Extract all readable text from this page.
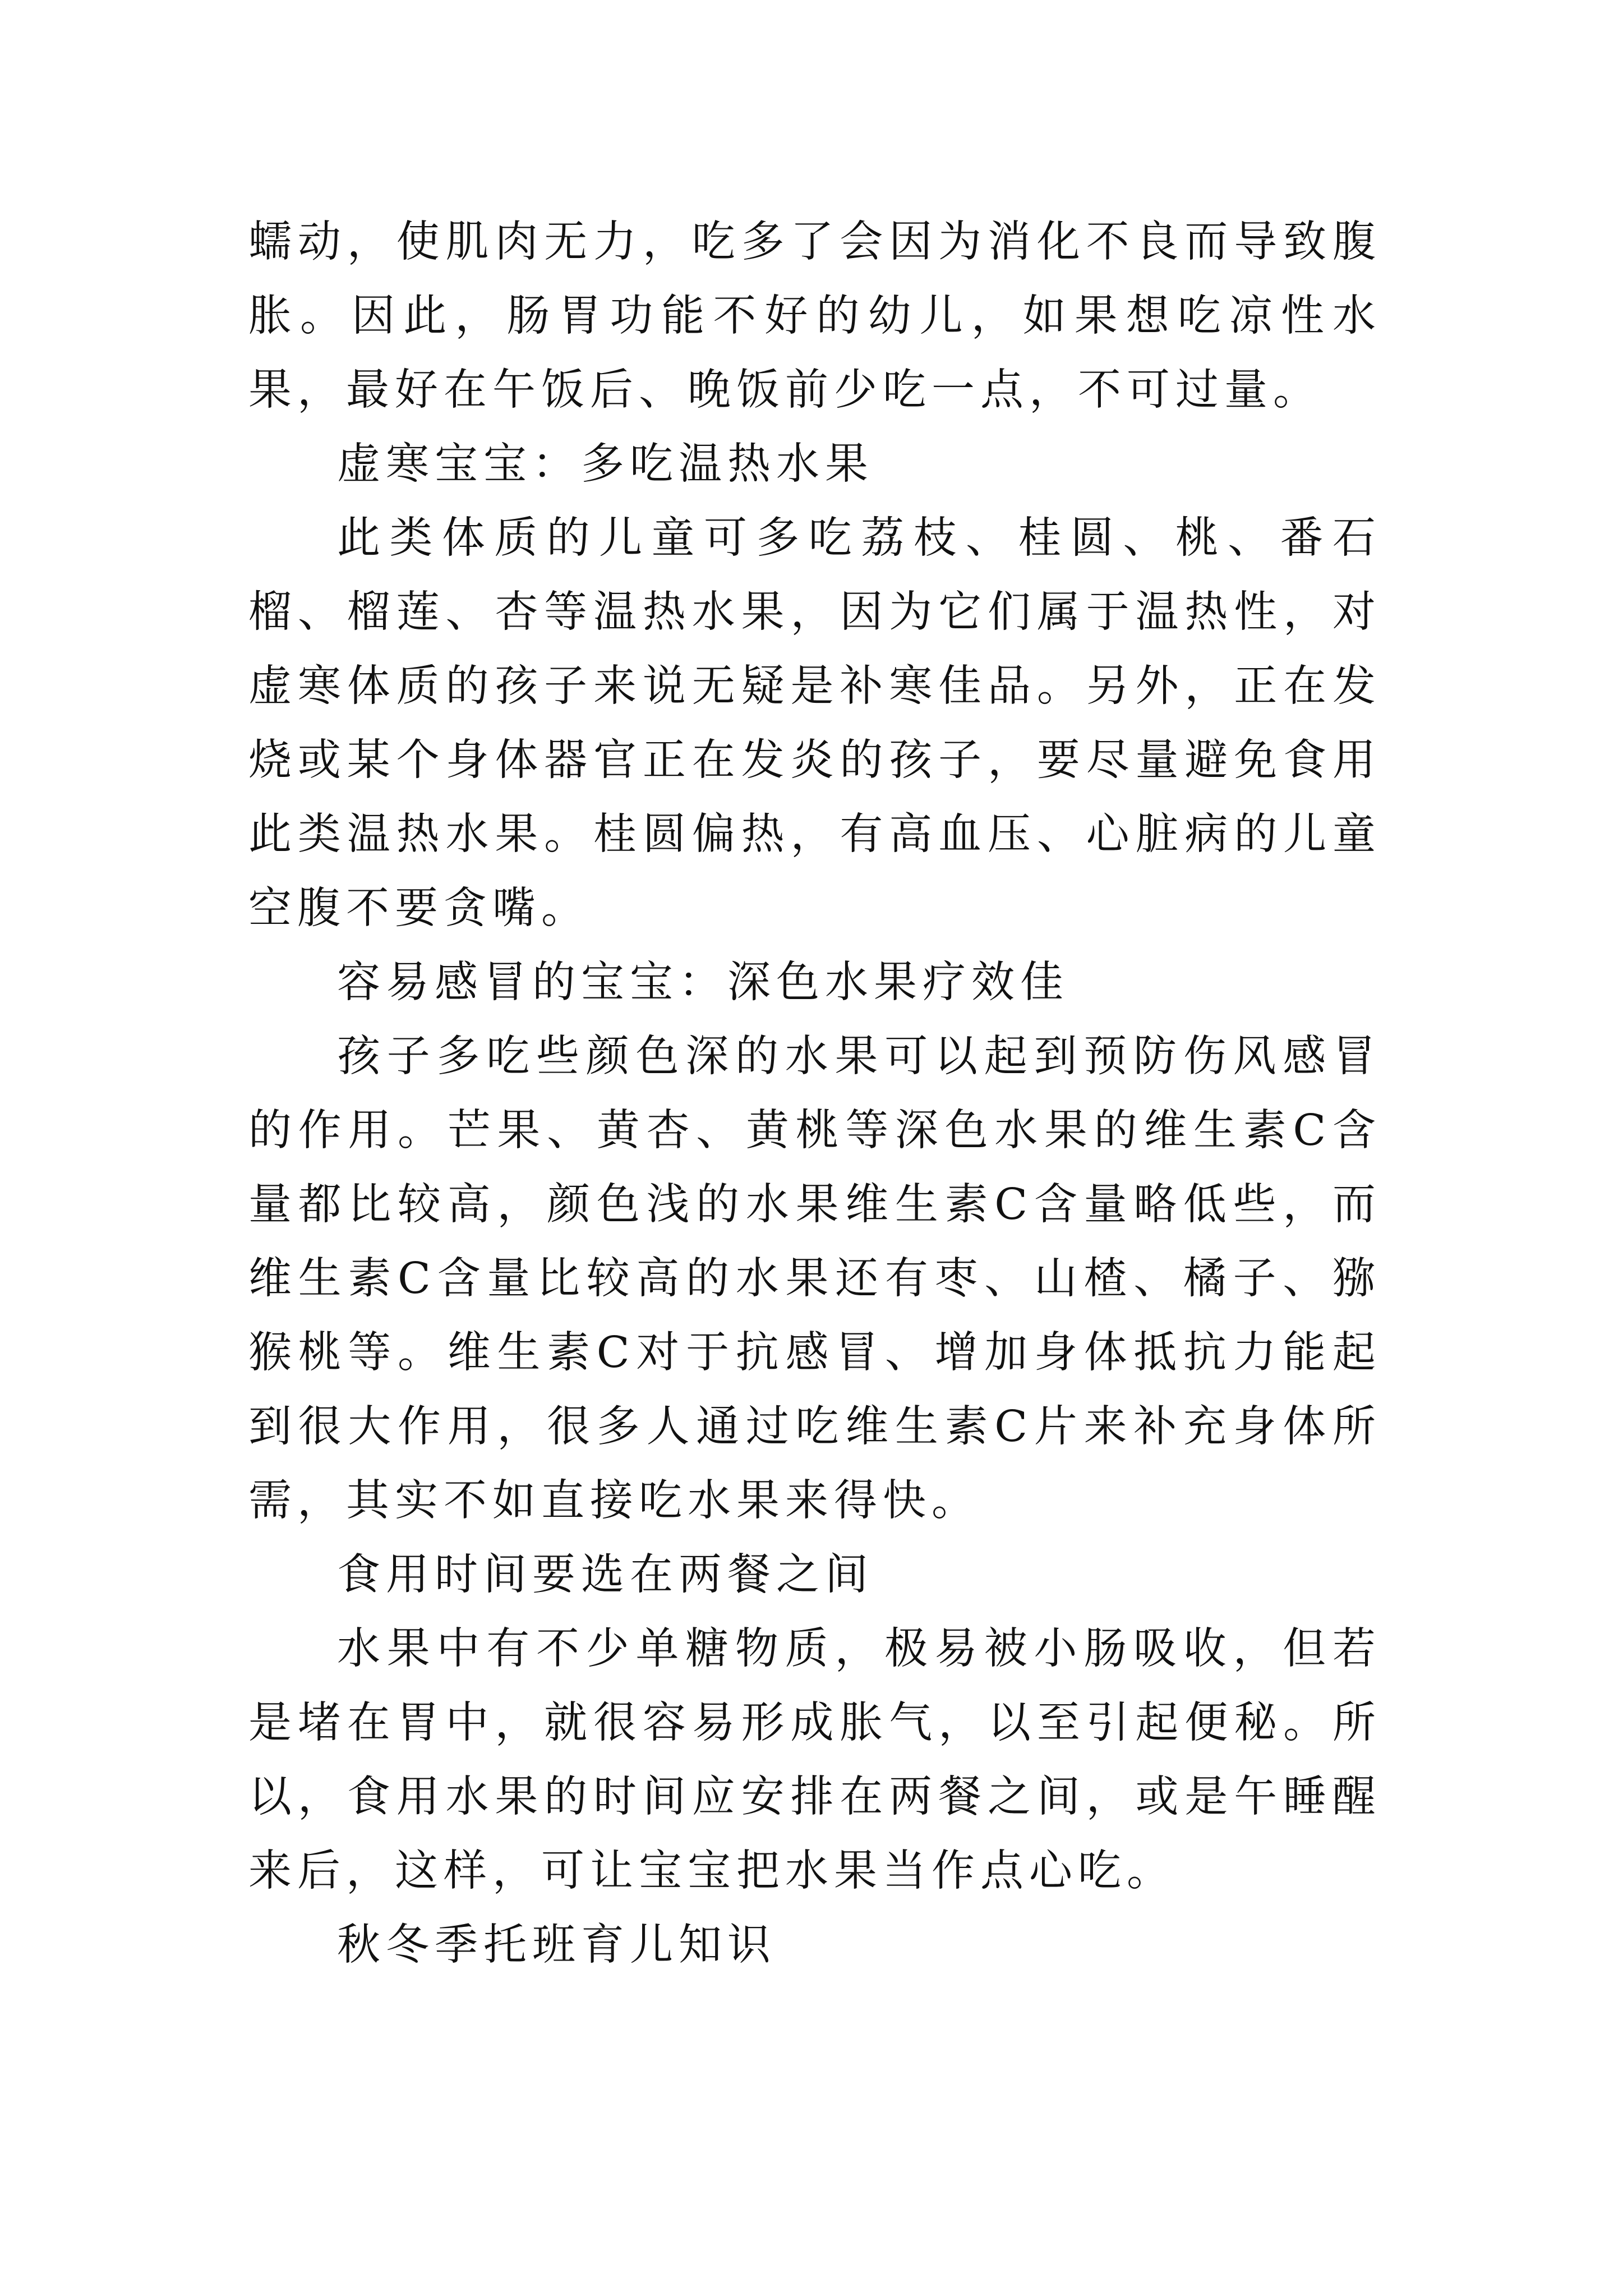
蠕动，使肌肉无力，吃多了会因为消化不良而导致腹胀。因此，肠胃功能不好的幼儿，如果想吃凉性水果，最好在午饭后、晚饭前少吃一点，不可过量。

虚寒宝宝：多吃温热水果

此类体质的儿童可多吃荔枝、桂圆、桃、番石榴、榴莲、杏等温热水果，因为它们属于温热性，对虚寒体质的孩子来说无疑是补寒佳品。另外，正在发烧或某个身体器官正在发炎的孩子，要尽量避免食用此类温热水果。桂圆偏热，有高血压、心脏病的儿童空腹不要贪嘴。

容易感冒的宝宝：深色水果疗效佳

孩子多吃些颜色深的水果可以起到预防伤风感冒的作用。芒果、黄杏、黄桃等深色水果的维生素C含量都比较高，颜色浅的水果维生素C含量略低些，而维生素C含量比较高的水果还有枣、山楂、橘子、猕猴桃等。维生素C对于抗感冒、增加身体抵抗力能起到很大作用，很多人通过吃维生素C片来补充身体所需，其实不如直接吃水果来得快。

食用时间要选在两餐之间

水果中有不少单糖物质，极易被小肠吸收，但若是堵在胃中，就很容易形成胀气，以至引起便秘。所以，食用水果的时间应安排在两餐之间，或是午睡醒来后，这样，可让宝宝把水果当作点心吃。

秋冬季托班育儿知识
